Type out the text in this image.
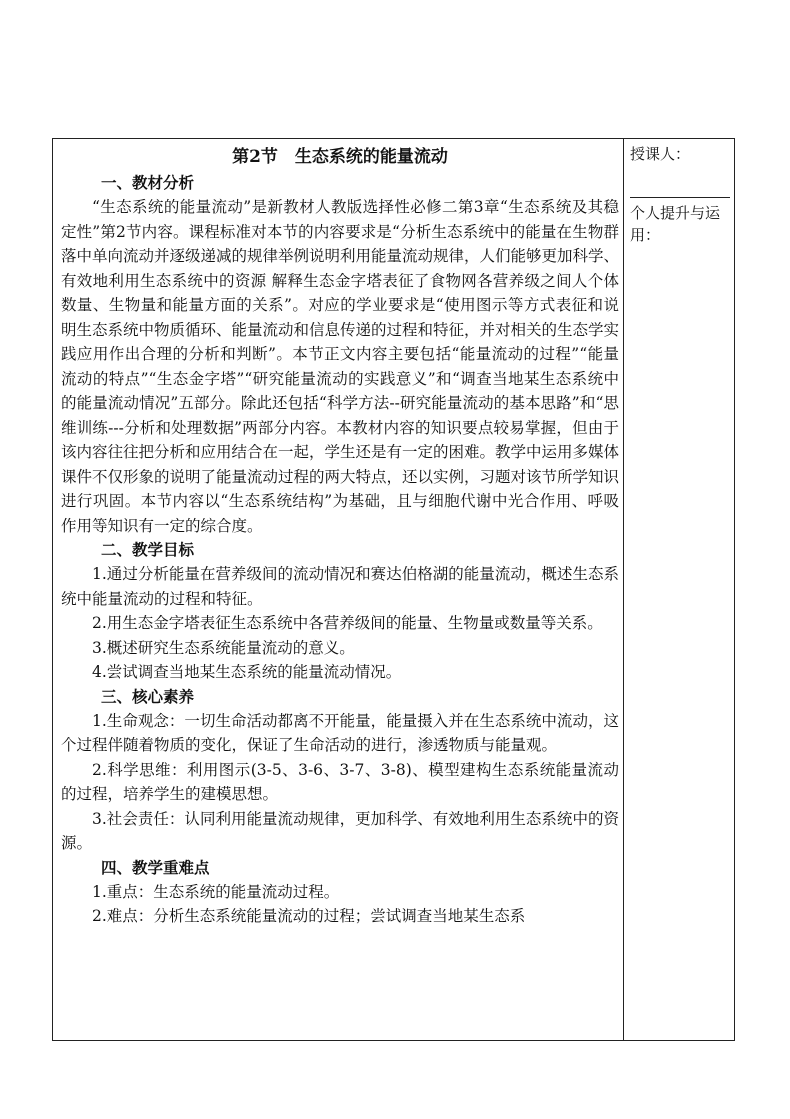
第2节　生态系统的能量流动
一、教材分析

“生态系统的能量流动”是新教材人教版选择性必修二第3章“生态系统及其稳定性”第2节内容。课程标准对本节的内容要求是“分析生态系统中的能量在生物群落中单向流动并逐级递减的规律举例说明利用能量流动规律，人们能够更加科学、有效地利用生态系统中的资源 解释生态金字塔表征了食物网各营养级之间人个体数量、生物量和能量方面的关系”。对应的学业要求是“使用图示等方式表征和说明生态系统中物质循环、能量流动和信息传递的过程和特征，并对相关的生态学实践应用作出合理的分析和判断”。本节正文内容主要包括“能量流动的过程”“能量流动的特点”“生态金字塔”“研究能量流动的实践意义”和“调查当地某生态系统中的能量流动情况”五部分。除此还包括“科学方法--研究能量流动的基本思路”和“思维训练---分析和处理数据”两部分内容。本教材内容的知识要点较易掌握，但由于该内容往往把分析和应用结合在一起，学生还是有一定的困难。教学中运用多媒体课件不仅形象的说明了能量流动过程的两大特点，还以实例，习题对该节所学知识进行巩固。本节内容以“生态系统结构”为基础，且与细胞代谢中光合作用、呼吸作用等知识有一定的综合度。

二、教学目标

1.通过分析能量在营养级间的流动情况和赛达伯格湖的能量流动，概述生态系统中能量流动的过程和特征。

2.用生态金字塔表征生态系统中各营养级间的能量、生物量或数量等关系。

3.概述研究生态系统能量流动的意义。

4.尝试调查当地某生态系统的能量流动情况。

三、核心素养

1.生命观念：一切生命活动都离不开能量，能量摄入并在生态系统中流动，这个过程伴随着物质的变化，保证了生命活动的进行，渗透物质与能量观。

2.科学思维：利用图示(3-5、3-6、3-7、3-8)、模型建构生态系统能量流动的过程，培养学生的建模思想。

3.社会责任：认同利用能量流动规律，更加科学、有效地利用生态系统中的资源。

四、教学重难点

1.重点：生态系统的能量流动过程。

2.难点：分析生态系统能量流动的过程；尝试调查当地某生态系

授课人：
个人提升与运用：
